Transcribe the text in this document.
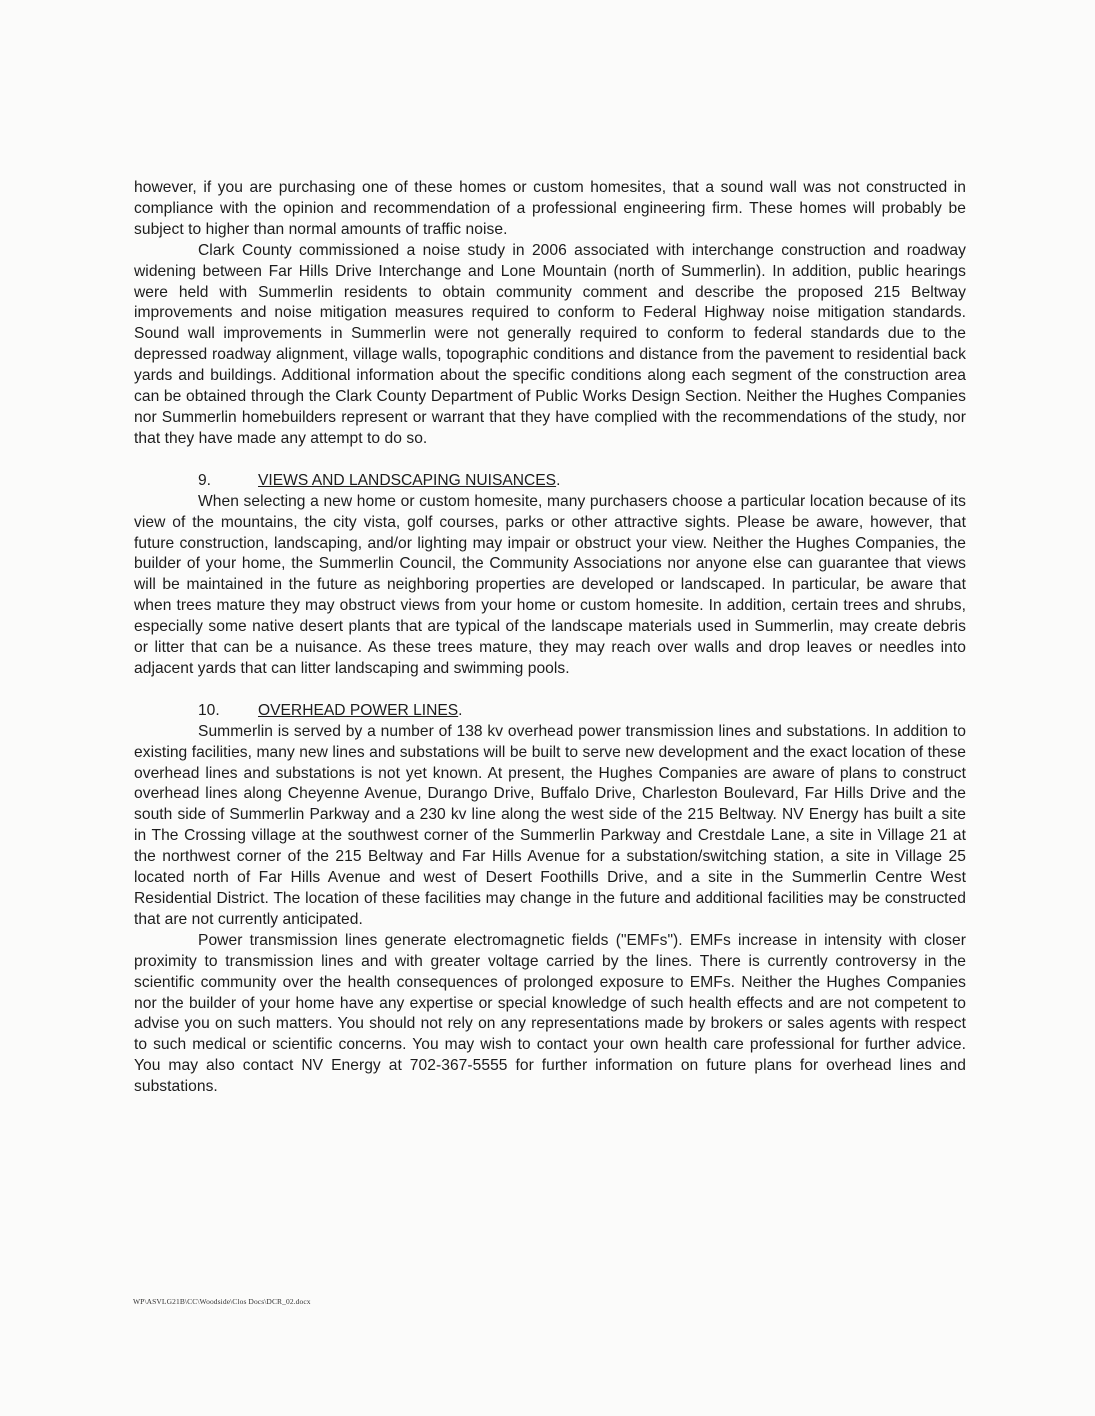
however, if you are purchasing one of these homes or custom homesites, that a sound wall was not constructed in compliance with the opinion and recommendation of a professional engineering firm. These homes will probably be subject to higher than normal amounts of traffic noise.

Clark County commissioned a noise study in 2006 associated with interchange construction and roadway widening between Far Hills Drive Interchange and Lone Mountain (north of Summerlin). In addition, public hearings were held with Summerlin residents to obtain community comment and describe the proposed 215 Beltway improvements and noise mitigation measures required to conform to Federal Highway noise mitigation standards. Sound wall improvements in Summerlin were not generally required to conform to federal standards due to the depressed roadway alignment, village walls, topographic conditions and distance from the pavement to residential back yards and buildings. Additional information about the specific conditions along each segment of the construction area can be obtained through the Clark County Department of Public Works Design Section. Neither the Hughes Companies nor Summerlin homebuilders represent or warrant that they have complied with the recommendations of the study, nor that they have made any attempt to do so.

9.	VIEWS AND LANDSCAPING NUISANCES.

When selecting a new home or custom homesite, many purchasers choose a particular location because of its view of the mountains, the city vista, golf courses, parks or other attractive sights. Please be aware, however, that future construction, landscaping, and/or lighting may impair or obstruct your view. Neither the Hughes Companies, the builder of your home, the Summerlin Council, the Community Associations nor anyone else can guarantee that views will be maintained in the future as neighboring properties are developed or landscaped. In particular, be aware that when trees mature they may obstruct views from your home or custom homesite. In addition, certain trees and shrubs, especially some native desert plants that are typical of the landscape materials used in Summerlin, may create debris or litter that can be a nuisance. As these trees mature, they may reach over walls and drop leaves or needles into adjacent yards that can litter landscaping and swimming pools.

10.	OVERHEAD POWER LINES.

Summerlin is served by a number of 138 kv overhead power transmission lines and substations. In addition to existing facilities, many new lines and substations will be built to serve new development and the exact location of these overhead lines and substations is not yet known. At present, the Hughes Companies are aware of plans to construct overhead lines along Cheyenne Avenue, Durango Drive, Buffalo Drive, Charleston Boulevard, Far Hills Drive and the south side of Summerlin Parkway and a 230 kv line along the west side of the 215 Beltway. NV Energy has built a site in The Crossing village at the southwest corner of the Summerlin Parkway and Crestdale Lane, a site in Village 21 at the northwest corner of the 215 Beltway and Far Hills Avenue for a substation/switching station, a site in Village 25 located north of Far Hills Avenue and west of Desert Foothills Drive, and a site in the Summerlin Centre West Residential District. The location of these facilities may change in the future and additional facilities may be constructed that are not currently anticipated.

Power transmission lines generate electromagnetic fields ("EMFs"). EMFs increase in intensity with closer proximity to transmission lines and with greater voltage carried by the lines. There is currently controversy in the scientific community over the health consequences of prolonged exposure to EMFs. Neither the Hughes Companies nor the builder of your home have any expertise or special knowledge of such health effects and are not competent to advise you on such matters. You should not rely on any representations made by brokers or sales agents with respect to such medical or scientific concerns. You may wish to contact your own health care professional for further advice. You may also contact NV Energy at 702-367-5555 for further information on future plans for overhead lines and substations.

WP\ASVLG21B\CC\Woodside\Clos Docs\DCR_02.docx
